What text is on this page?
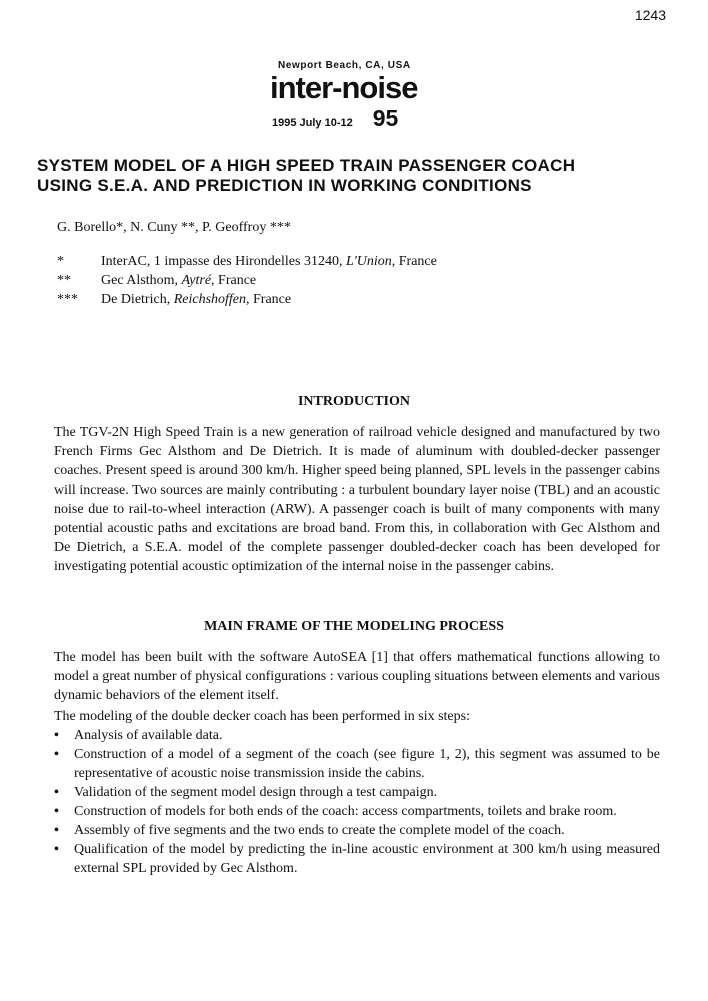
1243
Newport Beach, CA, USA
inter-noise
1995 July 10-12 95
SYSTEM MODEL OF A HIGH SPEED TRAIN PASSENGER COACH
USING S.E.A. AND PREDICTION IN WORKING CONDITIONS
G. Borello*, N. Cuny **, P. Geoffroy ***
*	InterAC, 1 impasse des Hirondelles 31240, L'Union, France
**	Gec Alsthom, Aytré, France
***	De Dietrich, Reichshoffen, France
INTRODUCTION

The TGV-2N High Speed Train is a new generation of railroad vehicle designed and manufactured by two French Firms Gec Alsthom and De Dietrich. It is made of aluminum with doubled-decker passenger coaches. Present speed is around 300 km/h. Higher speed being planned, SPL levels in the passenger cabins will increase. Two sources are mainly contributing : a turbulent boundary layer noise (TBL) and an acoustic noise due to rail-to-wheel interaction (ARW). A passenger coach is built of many components with many potential acoustic paths and excitations are broad band. From this, in collaboration with Gec Alsthom and De Dietrich, a S.E.A. model of the complete passenger doubled-decker coach has been developed for investigating potential acoustic optimization of the internal noise in the passenger cabins.

MAIN FRAME OF THE MODELING PROCESS

The model has been built with the software AutoSEA [1] that offers mathematical functions allowing to model a great number of physical configurations : various coupling situations between elements and various dynamic behaviors of the element itself.

The modeling of the double decker coach has been performed in six steps:
•	Analysis of available data.
•	Construction of a model of a segment of the coach (see figure 1, 2), this segment was assumed to be representative of acoustic noise transmission inside the cabins.
•	Validation of the segment model design through a test campaign.
•	Construction of models for both ends of the coach: access compartments, toilets and brake room.
•	Assembly of five segments and the two ends to create the complete model of the coach.
•	Qualification of the model by predicting the in-line acoustic environment at 300 km/h using measured external SPL provided by Gec Alsthom.
